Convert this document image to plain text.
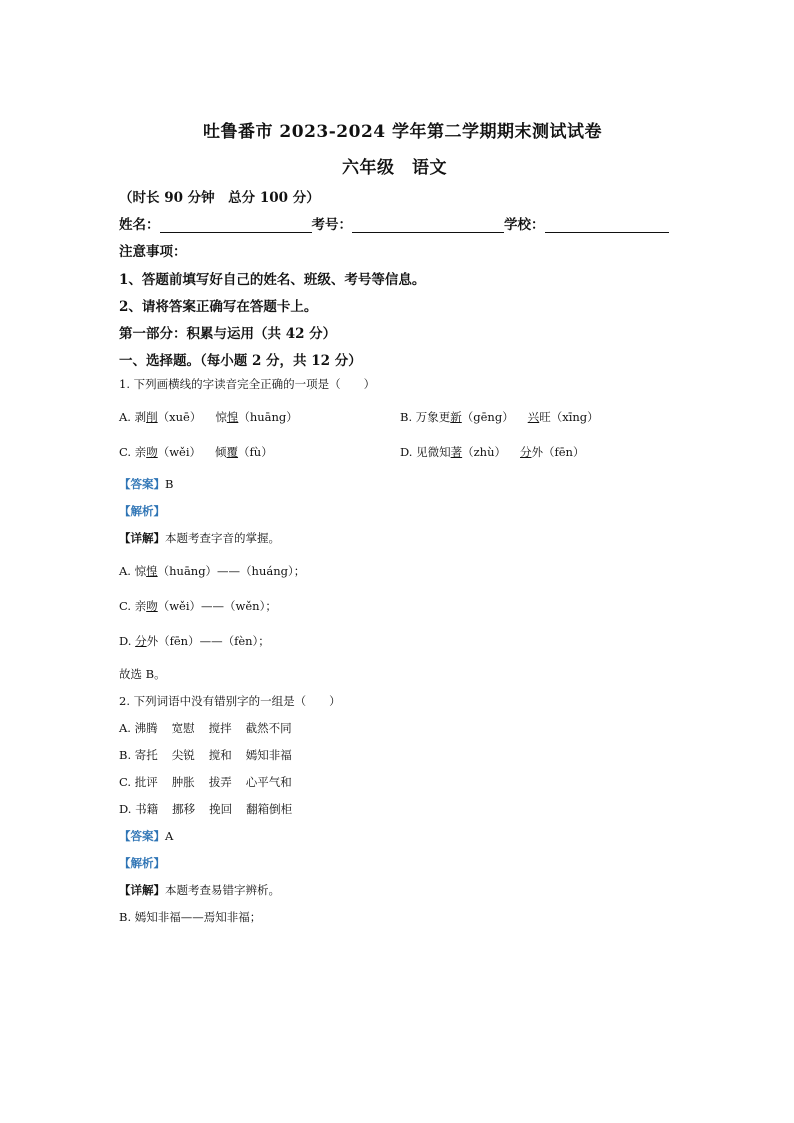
吐鲁番市 2023-2024 学年第二学期期末测试试卷
六年级　语文
（时长 90 分钟　总分 100 分）
姓名：	考号：	学校：
注意事项：
1、答题前填写好自己的姓名、班级、考号等信息。
2、请将答案正确写在答题卡上。
第一部分：积累与运用（共 42 分）
一、选择题。（每小题 2 分，共 12 分）
1. 下列画横线的字读音完全正确的一项是（　　）
A. 剥削（xuē） 惊惶（huāng）	B. 万象更新（gēng） 兴旺（xīng）
C. 亲吻（wěi） 倾覆（fù）	D. 见微知著（zhù） 分外（fēn）
【答案】B
【解析】
【详解】本题考查字音的掌握。
A. 惊惶（huāng）——（huáng）；
C. 亲吻（wěi）——（wěn）；
D. 分外（fēn）——（fèn）；
故选 B。
2. 下列词语中没有错别字的一组是（　　）
A. 沸腾 宽慰 搅拌 截然不同
B. 寄托 尖锐 搅和 嫣知非福
C. 批评 肿胀 拔弄 心平气和
D. 书籍 挪移 挽回 翻箱倒柜
【答案】A
【解析】
【详解】本题考查易错字辨析。
B. 嫣知非福——焉知非福；
